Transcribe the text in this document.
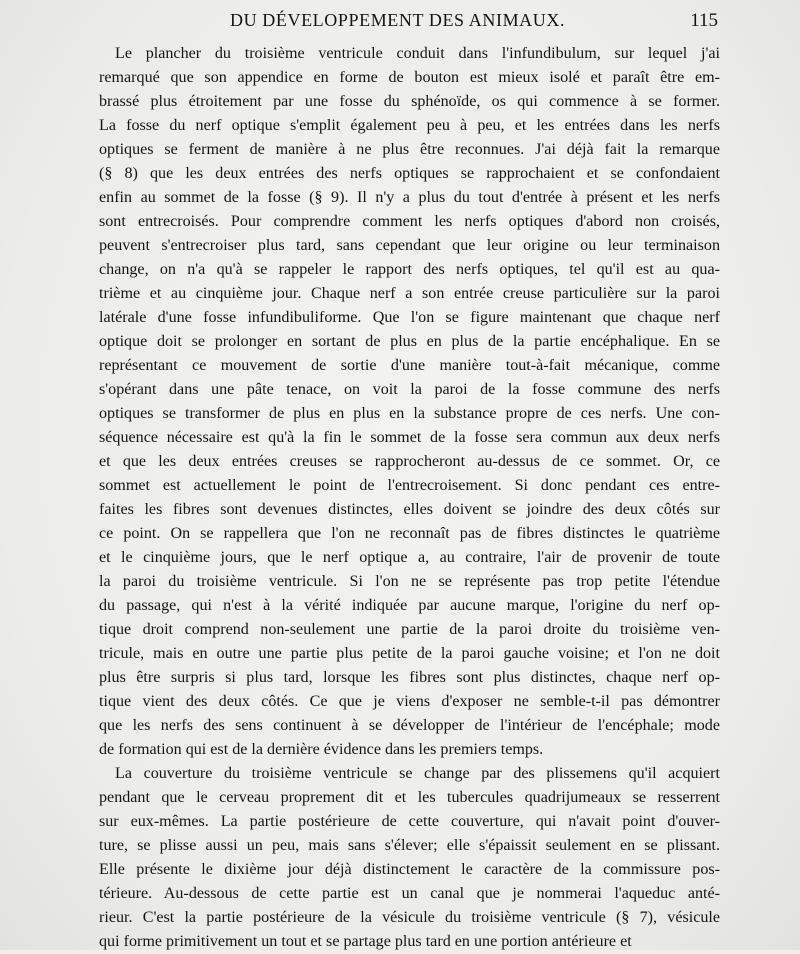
DU DÉVELOPPEMENT DES ANIMAUX.	115

Le plancher du troisième ventricule conduit dans l'infundibulum, sur lequel j'ai
remarqué que son appendice en forme de bouton est mieux isolé et paraît être em-
brassé plus étroitement par une fosse du sphénoïde, os qui commence à se former.
La fosse du nerf optique s'emplit également peu à peu, et les entrées dans les nerfs
optiques se ferment de manière à ne plus être reconnues. J'ai déjà fait la remarque
(§ 8) que les deux entrées des nerfs optiques se rapprochaient et se confondaient
enfin au sommet de la fosse (§ 9). Il n'y a plus du tout d'entrée à présent et les nerfs
sont entrecroisés. Pour comprendre comment les nerfs optiques d'abord non croisés,
peuvent s'entrecroiser plus tard, sans cependant que leur origine ou leur terminaison
change, on n'a qu'à se rappeler le rapport des nerfs optiques, tel qu'il est au qua-
trième et au cinquième jour. Chaque nerf a son entrée creuse particulière sur la paroi
latérale d'une fosse infundibuliforme. Que l'on se figure maintenant que chaque nerf
optique doit se prolonger en sortant de plus en plus de la partie encéphalique. En se
représentant ce mouvement de sortie d'une manière tout-à-fait mécanique, comme
s'opérant dans une pâte tenace, on voit la paroi de la fosse commune des nerfs
optiques se transformer de plus en plus en la substance propre de ces nerfs. Une con-
séquence nécessaire est qu'à la fin le sommet de la fosse sera commun aux deux nerfs
et que les deux entrées creuses se rapprocheront au-dessus de ce sommet. Or, ce
sommet est actuellement le point de l'entrecroisement. Si donc pendant ces entre-
faites les fibres sont devenues distinctes, elles doivent se joindre des deux côtés sur
ce point. On se rappellera que l'on ne reconnaît pas de fibres distinctes le quatrième
et le cinquième jours, que le nerf optique a, au contraire, l'air de provenir de toute
la paroi du troisième ventricule. Si l'on ne se représente pas trop petite l'étendue
du passage, qui n'est à la vérité indiquée par aucune marque, l'origine du nerf op-
tique droit comprend non-seulement une partie de la paroi droite du troisième ven-
tricule, mais en outre une partie plus petite de la paroi gauche voisine; et l'on ne doit
plus être surpris si plus tard, lorsque les fibres sont plus distinctes, chaque nerf op-
tique vient des deux côtés. Ce que je viens d'exposer ne semble-t-il pas démontrer
que les nerfs des sens continuent à se développer de l'intérieur de l'encéphale; mode
de formation qui est de la dernière évidence dans les premiers temps.

La couverture du troisième ventricule se change par des plissemens qu'il acquiert
pendant que le cerveau proprement dit et les tubercules quadrijumeaux se resserrent
sur eux-mêmes. La partie postérieure de cette couverture, qui n'avait point d'ouver-
ture, se plisse aussi un peu, mais sans s'élever; elle s'épaissit seulement en se plissant.
Elle présente le dixième jour déjà distinctement le caractère de la commissure pos-
térieure. Au-dessous de cette partie est un canal que je nommerai l'aqueduc anté-
rieur. C'est la partie postérieure de la vésicule du troisième ventricule (§ 7), vésicule
qui forme primitivement un tout et se partage plus tard en une portion antérieure et
